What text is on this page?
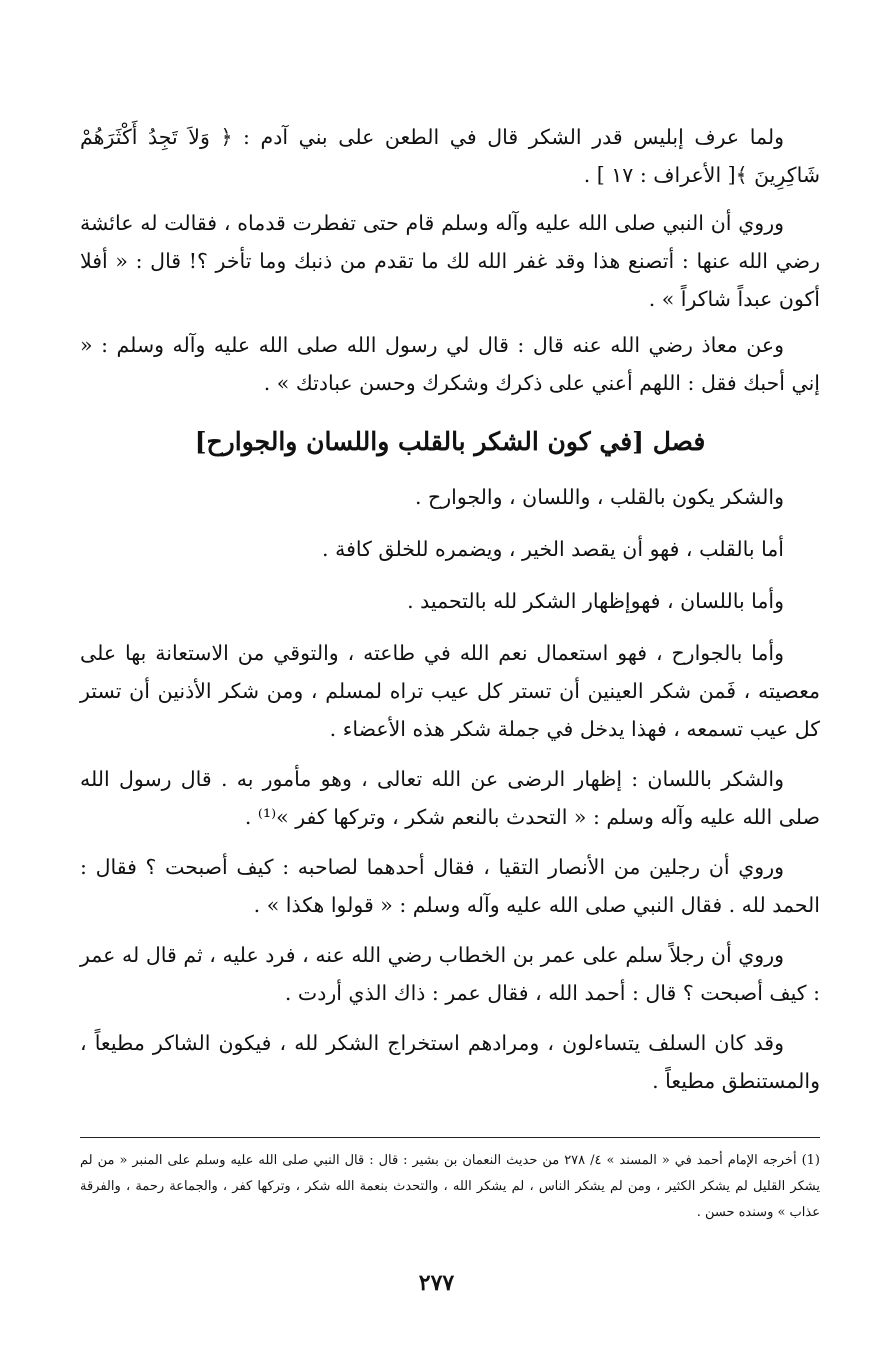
ولما عرف إبليس قدر الشكر قال في الطعن على بني آدم : ﴿ وَلاَ تَجِدُ أَكْثَرَهُمْ شَاكِرِينَ ﴾[ الأعراف : ١٧ ] .

وروي أن النبي صلى الله عليه وآله وسلم قام حتى تفطرت قدماه ، فقالت له عائشة رضي الله عنها : أتصنع هذا وقد غفر الله لك ما تقدم من ذنبك وما تأخر ؟! قال : « أفلا أكون عبداً شاكراً » .

وعن معاذ رضي الله عنه قال : قال لي رسول الله صلى الله عليه وآله وسلم : « إني أحبك فقل : اللهم أعني على ذكرك وشكرك وحسن عبادتك » .

فصل [في كون الشكر بالقلب واللسان والجوارح]

والشكر يكون بالقلب ، واللسان ، والجوارح .

أما بالقلب ، فهو أن يقصد الخير ، ويضمره للخلق كافة .

وأما باللسان ، فهوإظهار الشكر لله بالتحميد .

وأما بالجوارح ، فهو استعمال نعم الله في طاعته ، والتوقي من الاستعانة بها على معصيته ، فَمن شكر العينين أن تستر كل عيب تراه لمسلم ، ومن شكر الأذنين أن تستر كل عيب تسمعه ، فهذا يدخل في جملة شكر هذه الأعضاء .

والشكر باللسان : إظهار الرضى عن الله تعالى ، وهو مأمور به . قال رسول الله صلى الله عليه وآله وسلم : « التحدث بالنعم شكر ، وتركها كفر »⁽¹⁾ .

وروي أن رجلين من الأنصار التقيا ، فقال أحدهما لصاحبه : كيف أصبحت ؟ فقال : الحمد لله . فقال النبي صلى الله عليه وآله وسلم : « قولوا هكذا » .

وروي أن رجلاً سلم على عمر بن الخطاب رضي الله عنه ، فرد عليه ، ثم قال له عمر : كيف أصبحت ؟ قال : أحمد الله ، فقال عمر : ذاك الذي أردت .

وقد كان السلف يتساءلون ، ومرادهم استخراج الشكر لله ، فيكون الشاكر مطيعاً ، والمستنطق مطيعاً .

(1) أخرجه الإمام أحمد في « المسند » ٤/ ٢٧٨ من حديث النعمان بن بشير : قال : قال النبي صلى الله عليه وسلم على المنبر « من لم يشكر القليل لم يشكر الكثير ، ومن لم يشكر الناس ، لم يشكر الله ، والتحدث بنعمة الله شكر ، وتركها كفر ، والجماعة رحمة ، والفرقة عذاب » وسنده حسن .
٢٧٧
